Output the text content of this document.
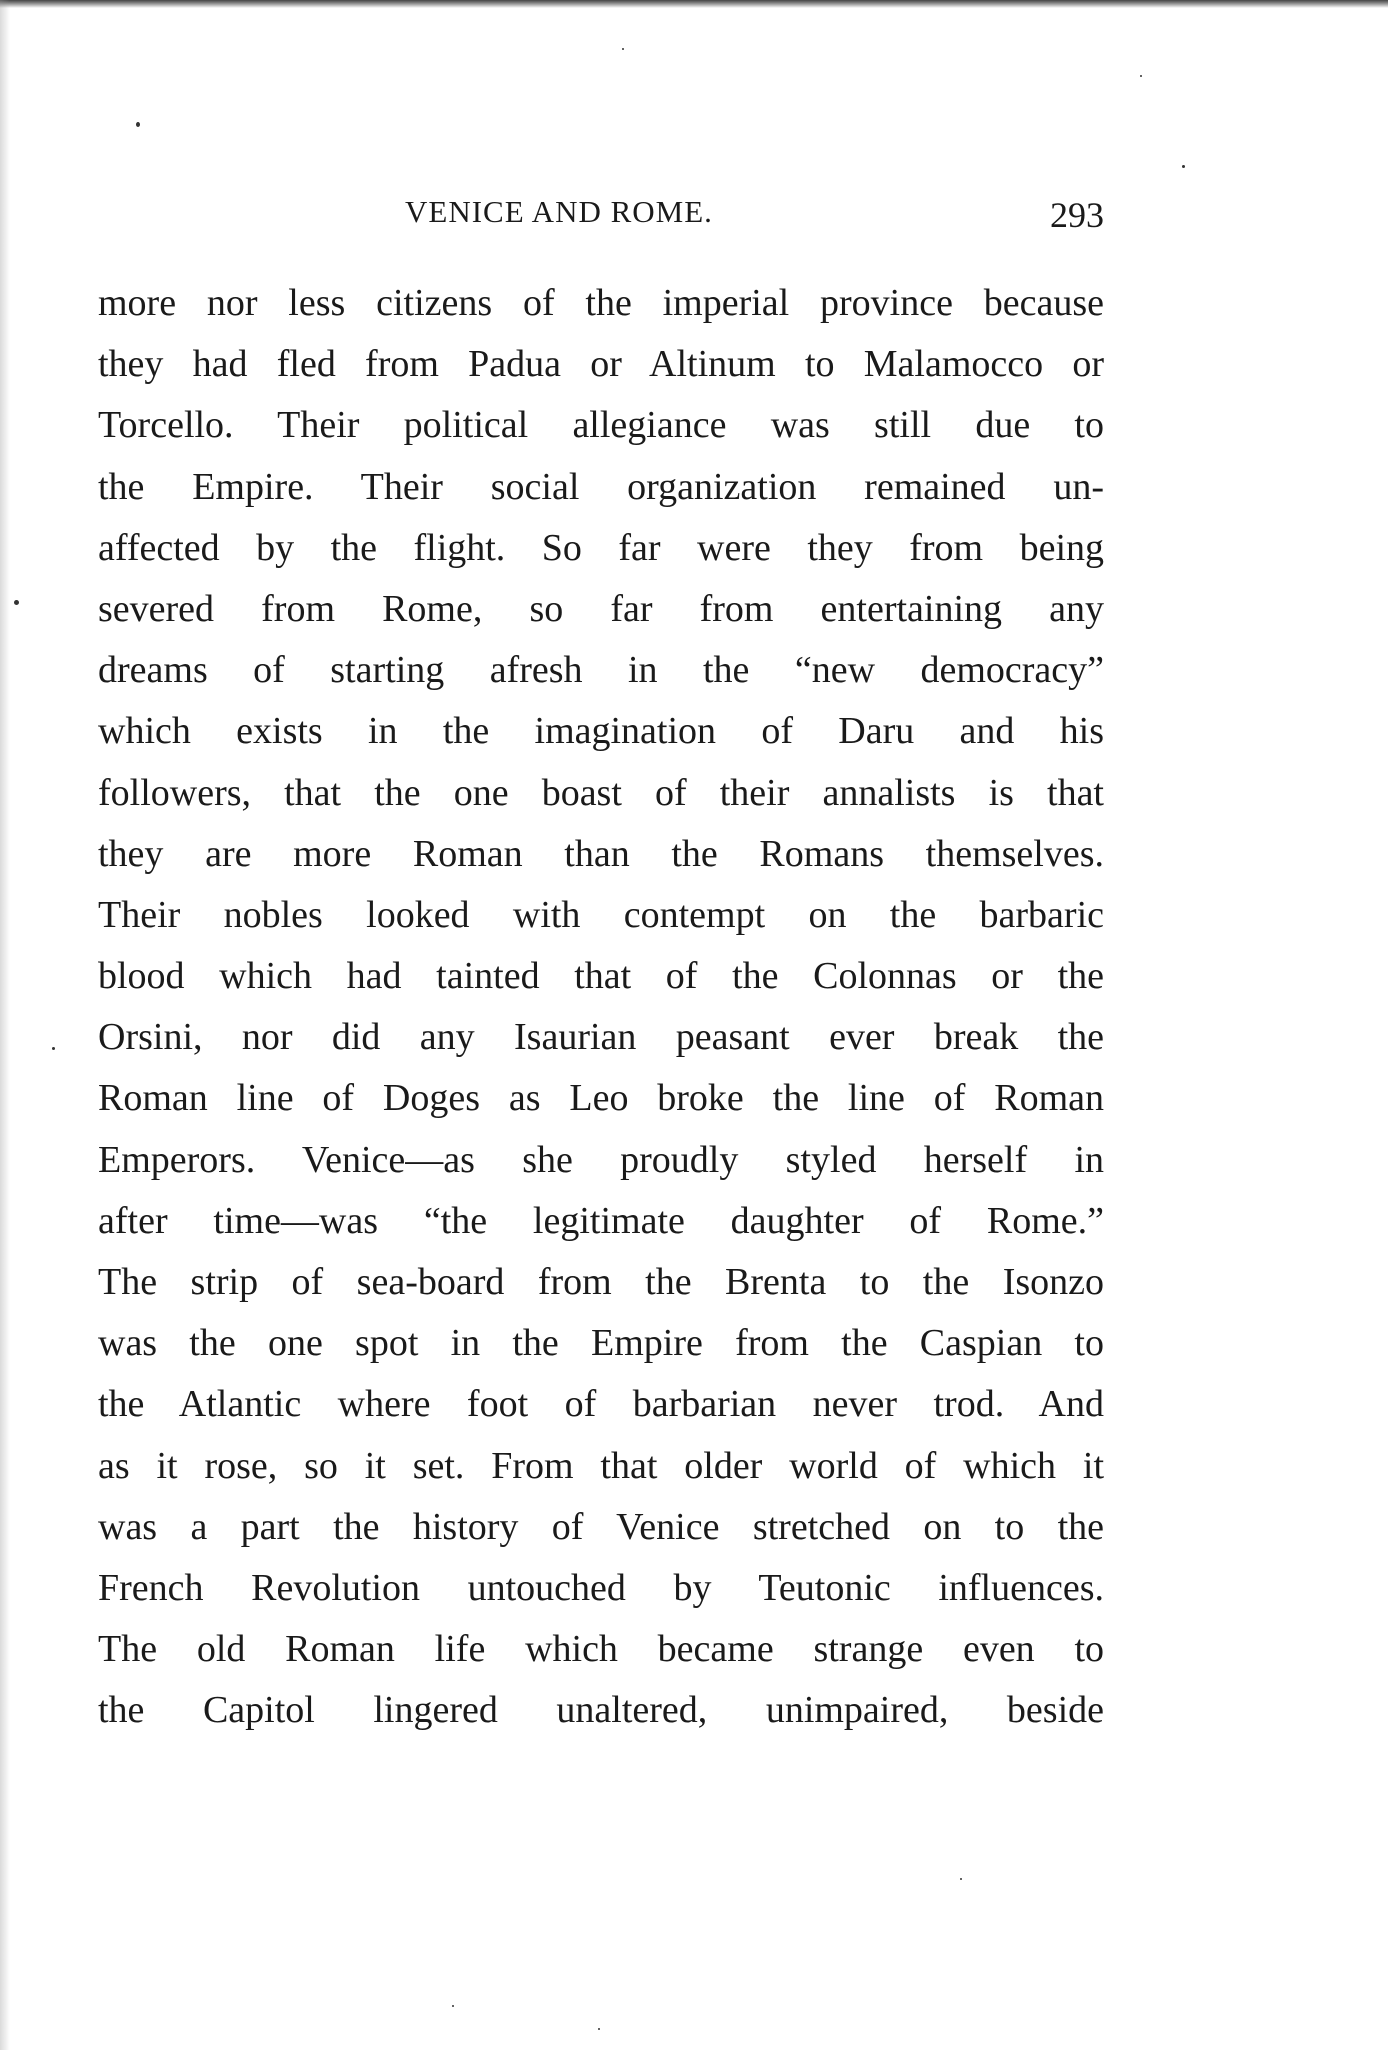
VENICE AND ROME.	293
more nor less citizens of the imperial province because
they had fled from Padua or Altinum to Malamocco or
Torcello. Their political allegiance was still due to
the Empire. Their social organization remained un-
affected by the flight. So far were they from being
severed from Rome, so far from entertaining any
dreams of starting afresh in the “new democracy”
which exists in the imagination of Daru and his
followers, that the one boast of their annalists is that
they are more Roman than the Romans themselves.
Their nobles looked with contempt on the barbaric
blood which had tainted that of the Colonnas or the
Orsini, nor did any Isaurian peasant ever break the
Roman line of Doges as Leo broke the line of Roman
Emperors. Venice—as she proudly styled herself in
after time—was “the legitimate daughter of Rome.”
The strip of sea-board from the Brenta to the Isonzo
was the one spot in the Empire from the Caspian to
the Atlantic where foot of barbarian never trod. And
as it rose, so it set. From that older world of which it
was a part the history of Venice stretched on to the
French Revolution untouched by Teutonic influences.
The old Roman life which became strange even to
the Capitol lingered unaltered, unimpaired, beside
